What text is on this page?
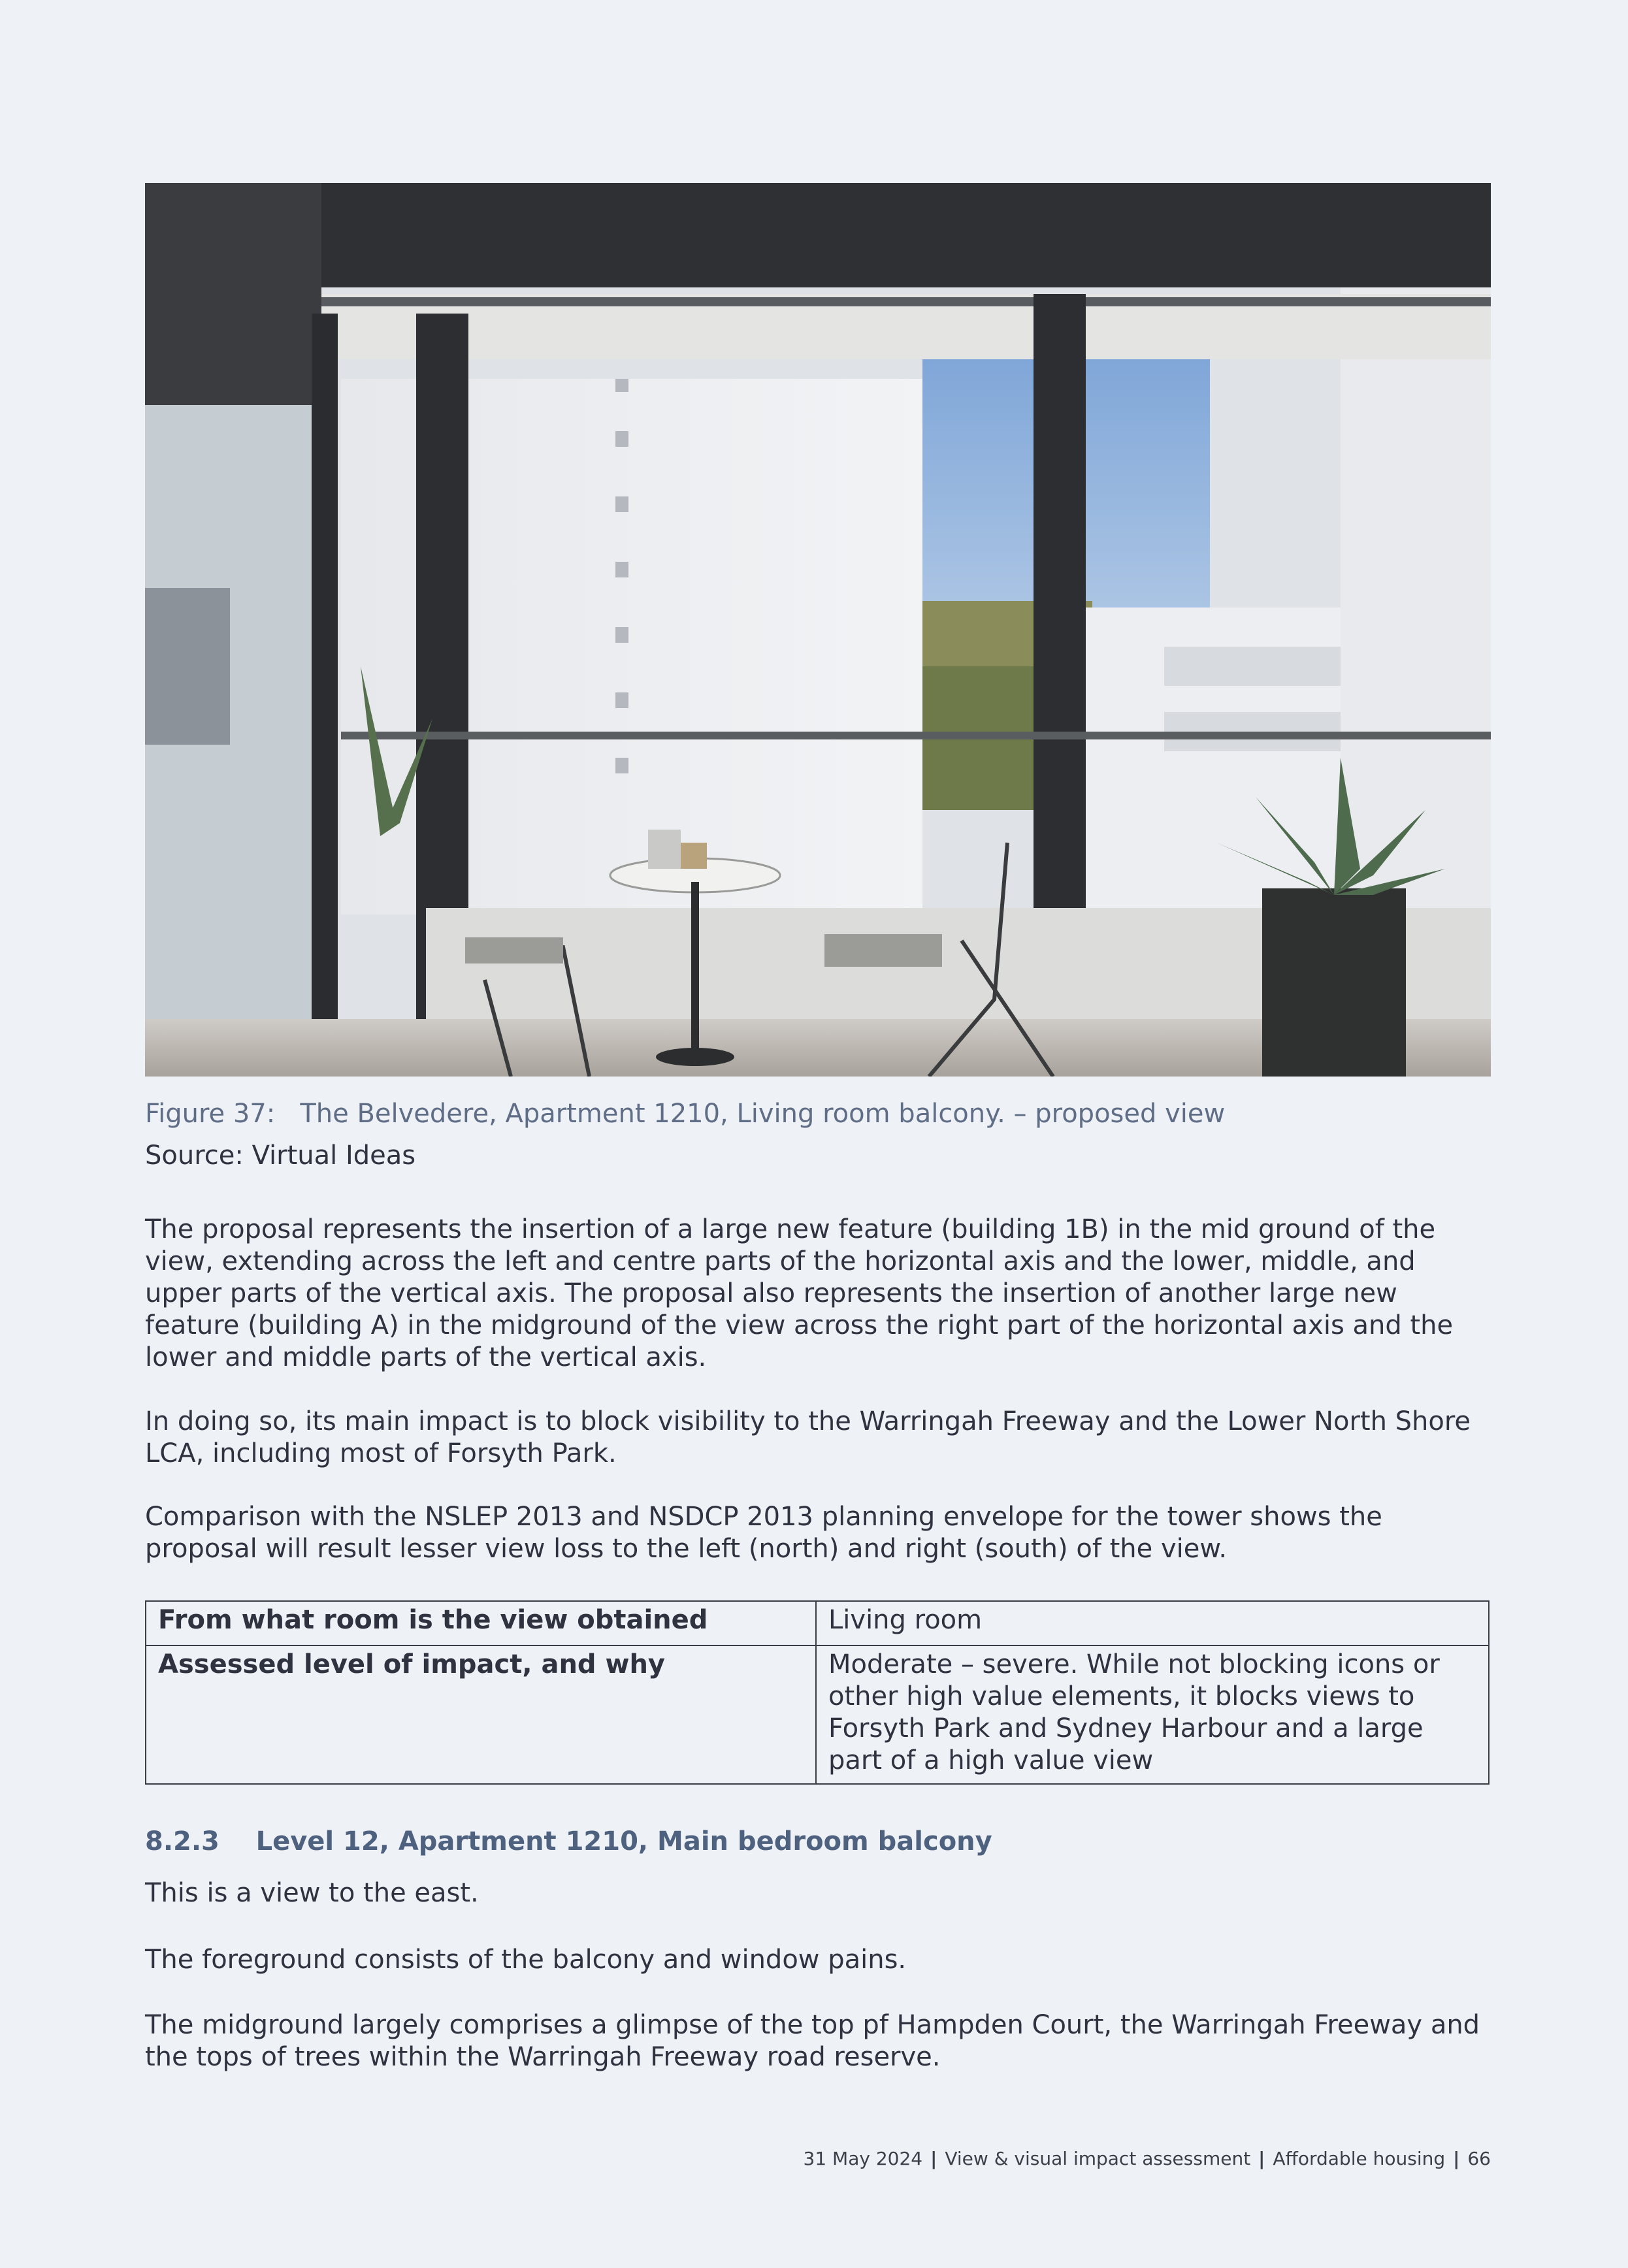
Figure 37:   The Belvedere, Apartment 1210, Living room balcony. – proposed view
Source: Virtual Ideas
The proposal represents the insertion of a large new feature (building 1B) in the mid ground of the view, extending across the left and centre parts of the horizontal axis and the lower, middle, and upper parts of the vertical axis. The proposal also represents the insertion of another large new feature (building A) in the midground of the view across the right part of the horizontal axis and the lower and middle parts of the vertical axis.
In doing so, its main impact is to block visibility to the Warringah Freeway and the Lower North Shore LCA, including most of Forsyth Park.
Comparison with the NSLEP 2013 and NSDCP 2013 planning envelope for the tower shows the proposal will result lesser view loss to the left (north) and right (south) of the view.
From what room is the view obtained	Living room
Assessed level of impact, and why	Moderate – severe. While not blocking icons or other high value elements, it blocks views to Forsyth Park and Sydney Harbour and a large part of a high value view
8.2.3 Level 12, Apartment 1210, Main bedroom balcony
This is a view to the east.
The foreground consists of the balcony and window pains.
The midground largely comprises a glimpse of the top pf Hampden Court, the Warringah Freeway and the tops of trees within the Warringah Freeway road reserve.
31 May 2024 | View & visual impact assessment | Affordable housing | 66
